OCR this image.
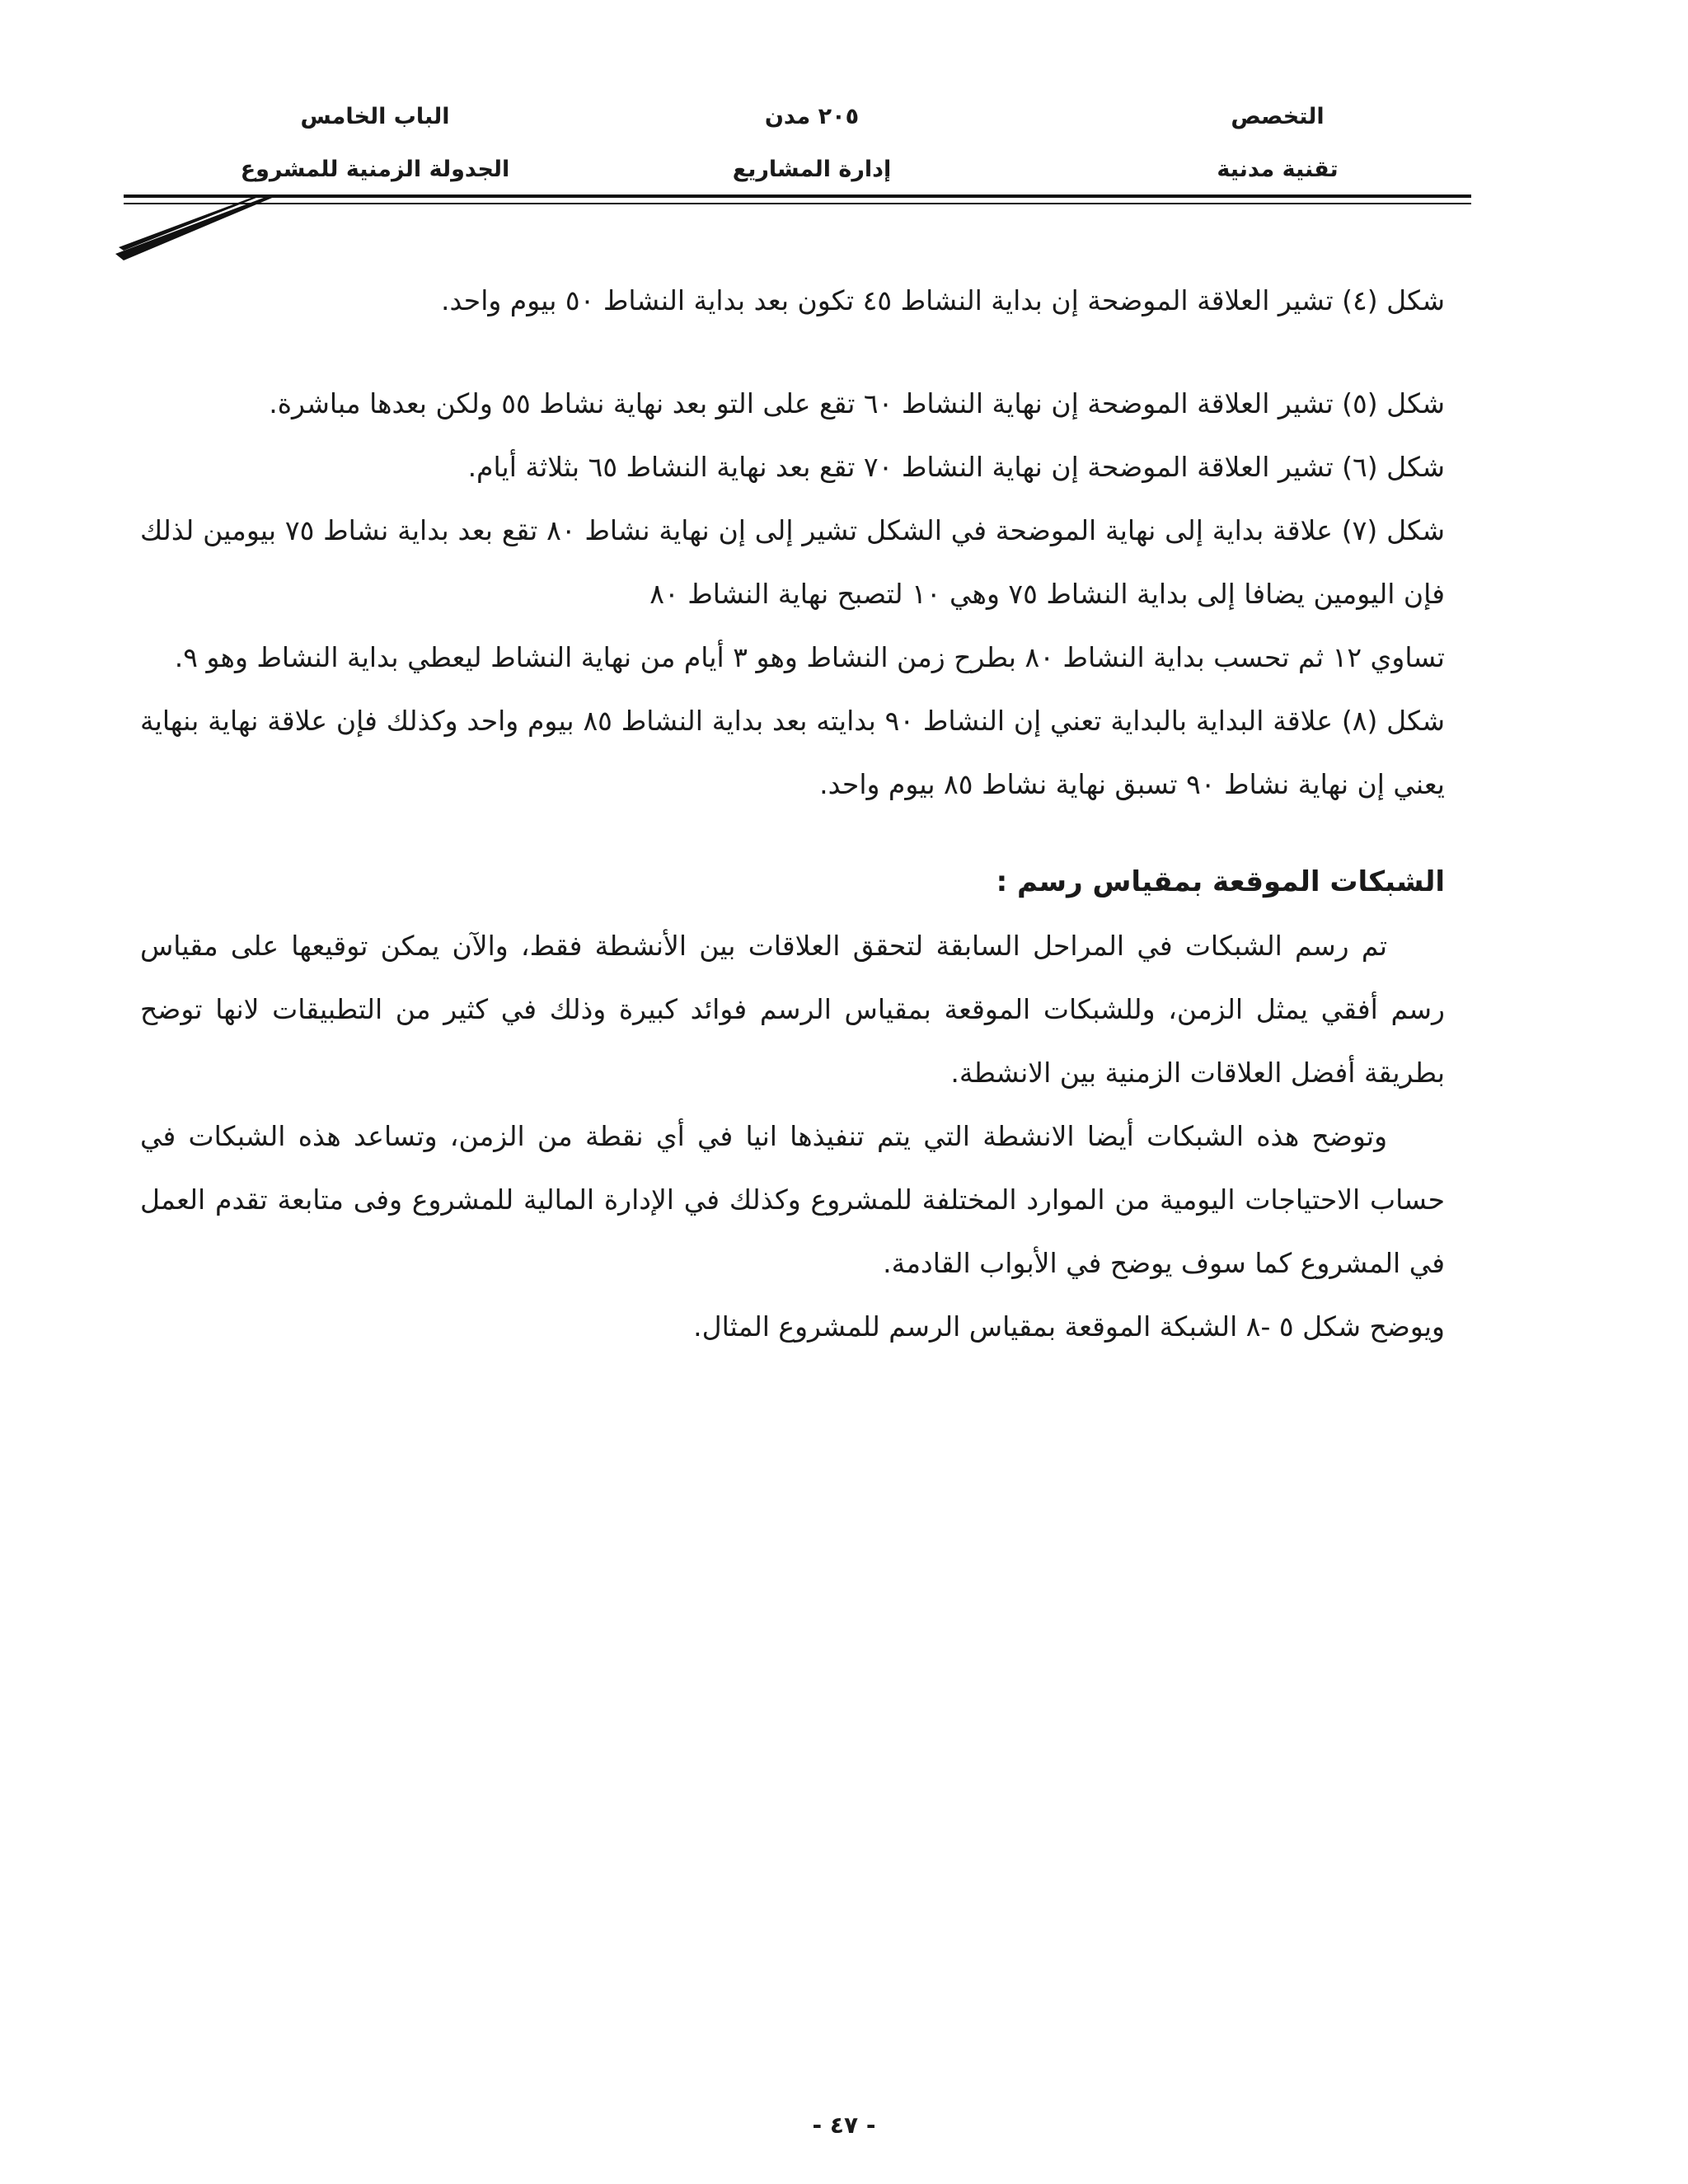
التخصص
٢٠٥ مدن
الباب الخامس
تقنية مدنية
إدارة المشاريع
الجدولة الزمنية للمشروع

شكل (٤) تشير العلاقة الموضحة إن بداية النشاط ٤٥ تكون بعد بداية النشاط ٥٠ بيوم واحد.

شكل (٥) تشير العلاقة الموضحة إن نهاية النشاط ٦٠ تقع على التو بعد نهاية نشاط ٥٥ ولكن بعدها مباشرة.

شكل (٦) تشير العلاقة الموضحة إن نهاية النشاط ٧٠ تقع بعد نهاية النشاط ٦٥ بثلاثة أيام.

شكل (٧) علاقة بداية إلى نهاية الموضحة في الشكل تشير إلى إن نهاية نشاط ٨٠ تقع بعد بداية نشاط ٧٥ بيومين لذلك فإن اليومين يضافا إلى بداية النشاط ٧٥ وهي ١٠ لتصبح نهاية النشاط ٨٠

تساوي ١٢ ثم تحسب بداية النشاط ٨٠ بطرح زمن النشاط وهو ٣ أيام من نهاية النشاط ليعطي بداية النشاط وهو ٩.

شكل (٨) علاقة البداية بالبداية تعني إن النشاط ٩٠ بدايته بعد بداية النشاط ٨٥ بيوم واحد وكذلك فإن علاقة نهاية بنهاية يعني إن نهاية نشاط ٩٠ تسبق نهاية نشاط ٨٥ بيوم واحد.

الشبكات الموقعة بمقياس رسم :

تم رسم الشبكات في المراحل السابقة لتحقق العلاقات بين الأنشطة فقط، والآن يمكن توقيعها على مقياس رسم أفقي يمثل الزمن، وللشبكات الموقعة بمقياس الرسم فوائد كبيرة وذلك في كثير من التطبيقات لانها توضح بطريقة أفضل العلاقات الزمنية بين الانشطة.

وتوضح هذه الشبكات أيضا الانشطة التي يتم تنفيذها انيا في أي نقطة من الزمن، وتساعد هذه الشبكات في حساب الاحتياجات اليومية من الموارد المختلفة للمشروع وكذلك في الإدارة المالية للمشروع وفى متابعة تقدم العمل في المشروع كما سوف يوضح في الأبواب القادمة.

ويوضح شكل ٥ -٨ الشبكة الموقعة بمقياس الرسم للمشروع المثال.

- ٤٧ -
